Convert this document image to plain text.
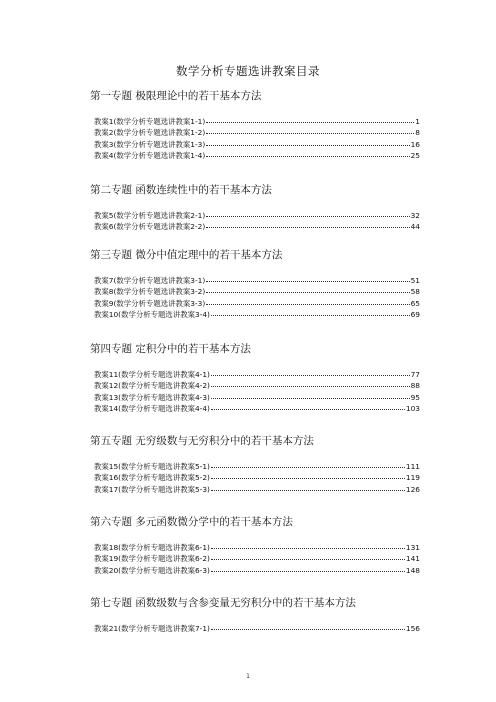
数学分析专题选讲教案目录
第一专题 极限理论中的若干基本方法
教案1(数学分析专题选讲教案1-1)	1
教案2(数学分析专题选讲教案1-2)	8
教案3(数学分析专题选讲教案1-3)	16
教案4(数学分析专题选讲教案1-4)	25
第二专题 函数连续性中的若干基本方法
教案5(数学分析专题选讲教案2-1)	32
教案6(数学分析专题选讲教案2-2)	44
第三专题 微分中值定理中的若干基本方法
教案7(数学分析专题选讲教案3-1)	51
教案8(数学分析专题选讲教案3-2)	58
教案9(数学分析专题选讲教案3-3)	65
教案10(数学分析专题选讲教案3-4)	69
第四专题 定积分中的若干基本方法
教案11(数学分析专题选讲教案4-1)	77
教案12(数学分析专题选讲教案4-2)	88
教案13(数学分析专题选讲教案4-3)	95
教案14(数学分析专题选讲教案4-4)	103
第五专题 无穷级数与无穷积分中的若干基本方法
教案15(数学分析专题选讲教案5-1)	111
教案16(数学分析专题选讲教案5-2)	119
教案17(数学分析专题选讲教案5-3)	126
第六专题 多元函数微分学中的若干基本方法
教案18(数学分析专题选讲教案6-1)	131
教案19(数学分析专题选讲教案6-2)	141
教案20(数学分析专题选讲教案6-3)	148
第七专题 函数级数与含参变量无穷积分中的若干基本方法
教案21(数学分析专题选讲教案7-1)	156
1
